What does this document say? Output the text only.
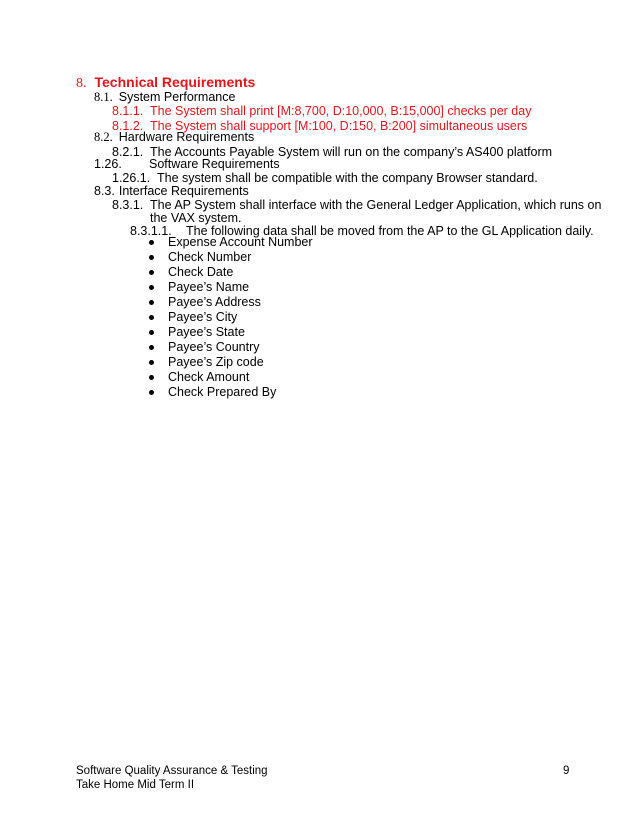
8. Technical Requirements
8.1. System Performance
8.1.1. The System shall print [M:8,700, D:10,000, B:15,000] checks per day
8.1.2. The System shall support [M:100, D:150, B:200] simultaneous users
8.2. Hardware Requirements
8.2.1. The Accounts Payable System will run on the company’s AS400 platform
1.26. Software Requirements
1.26.1. The system shall be compatible with the company Browser standard.
8.3. Interface Requirements
8.3.1. The AP System shall interface with the General Ledger Application, which runs on
the VAX system.
8.3.1.1. The following data shall be moved from the AP to the GL Application daily.
Expense Account Number
Check Number
Check Date
Payee’s Name
Payee’s Address
Payee’s City
Payee’s State
Payee’s Country
Payee’s Zip code
Check Amount
Check Prepared By
Software Quality Assurance & Testing
Take Home Mid Term II
9
